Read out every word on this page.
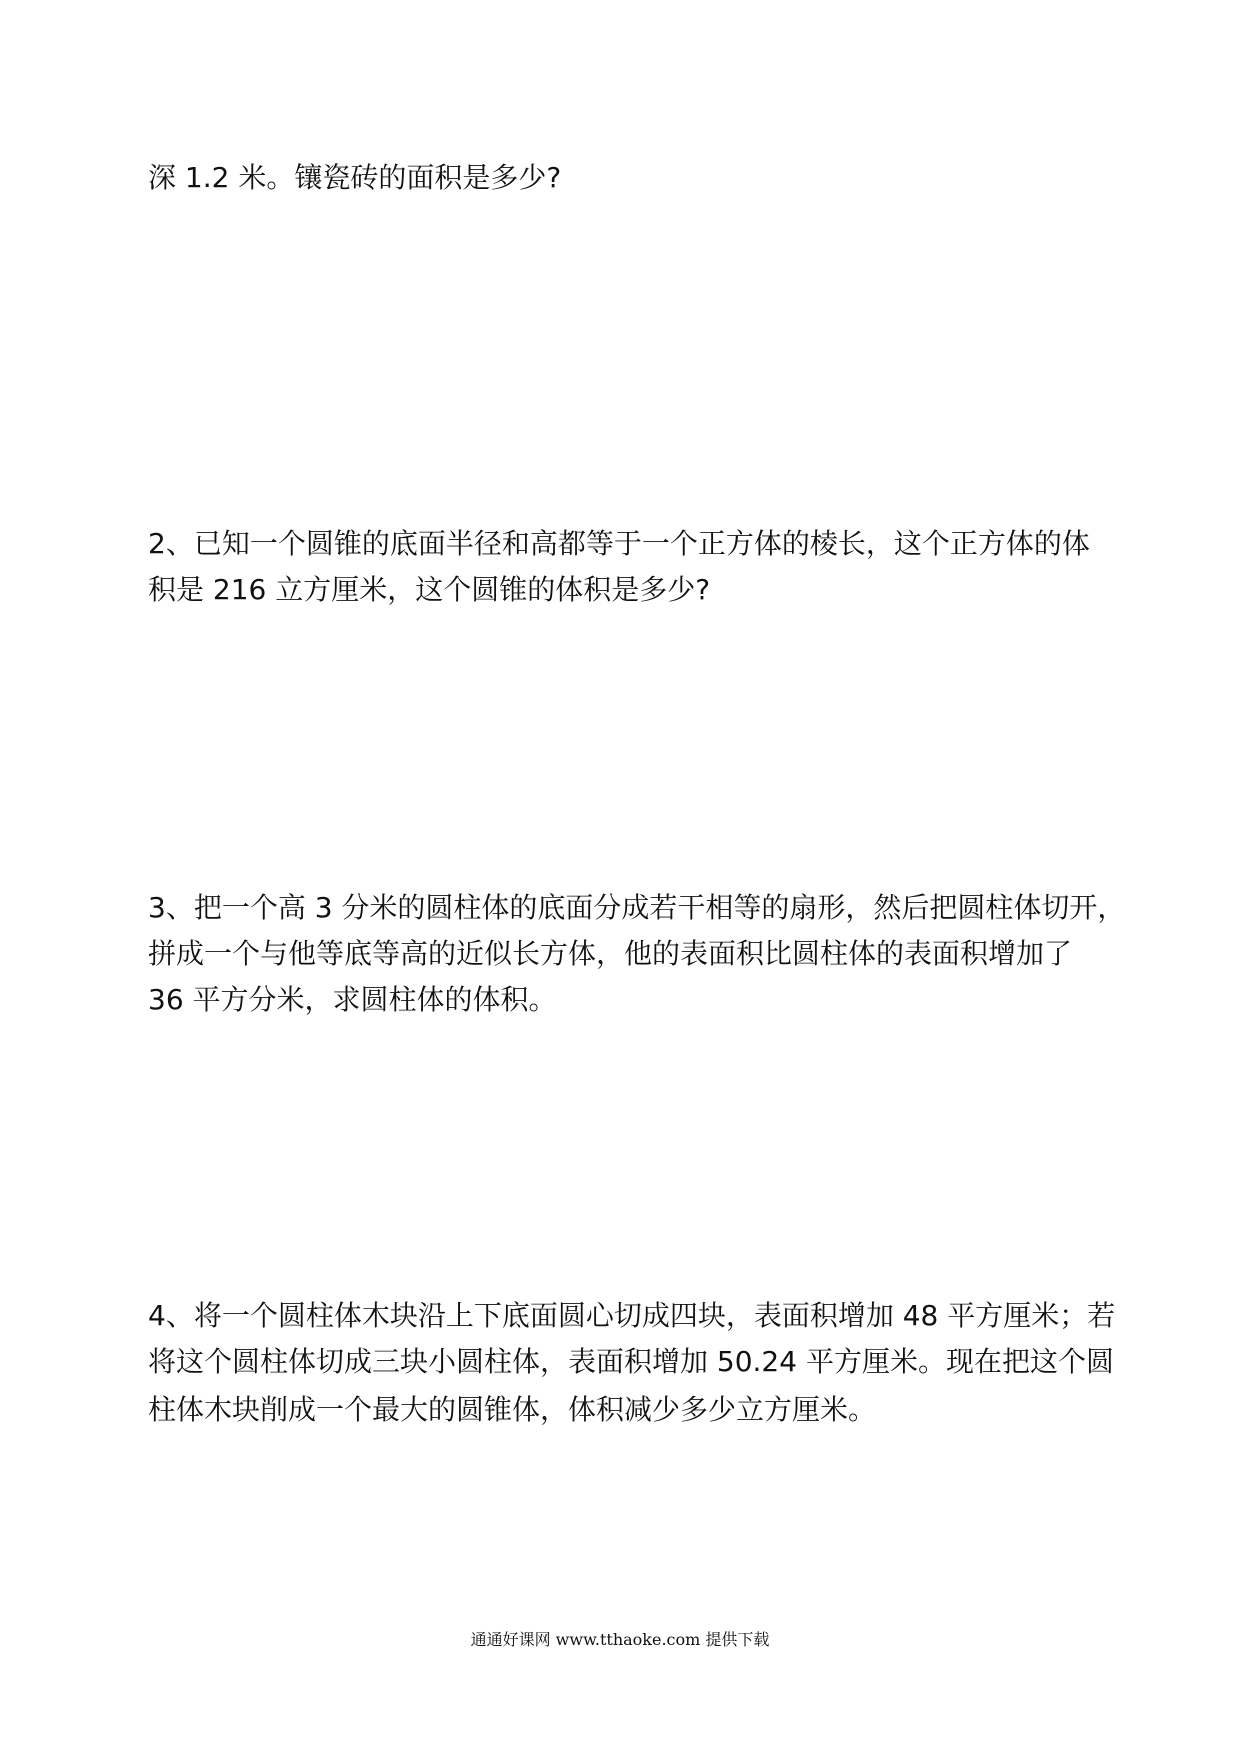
深 1.2 米。镶瓷砖的面积是多少?
2、已知一个圆锥的底面半径和高都等于一个正方体的棱长，这个正方体的体
积是 216 立方厘米，这个圆锥的体积是多少?
3、把一个高 3 分米的圆柱体的底面分成若干相等的扇形，然后把圆柱体切开，
拼成一个与他等底等高的近似长方体，他的表面积比圆柱体的表面积增加了
36 平方分米，求圆柱体的体积。
4、将一个圆柱体木块沿上下底面圆心切成四块，表面积增加 48 平方厘米；若
将这个圆柱体切成三块小圆柱体，表面积增加 50.24 平方厘米。现在把这个圆
柱体木块削成一个最大的圆锥体，体积减少多少立方厘米。
通通好课网 www.tthaoke.com 提供下载
